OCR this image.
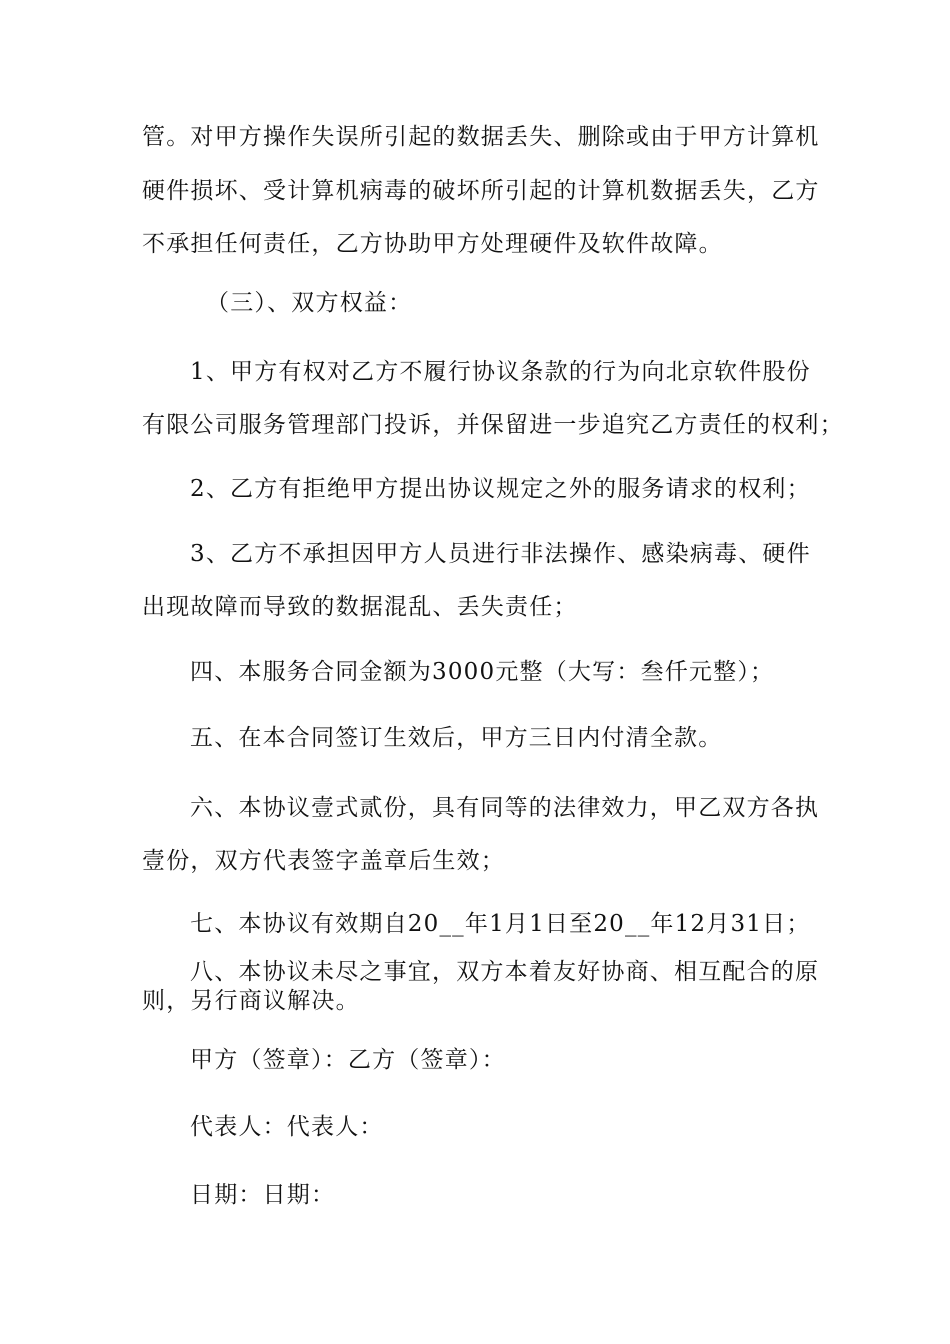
管。对甲方操作失误所引起的数据丢失、删除或由于甲方计算机

硬件损坏、受计算机病毒的破坏所引起的计算机数据丢失，乙方

不承担任何责任，乙方协助甲方处理硬件及软件故障。

（三）、双方权益：

1、甲方有权对乙方不履行协议条款的行为向北京软件股份

有限公司服务管理部门投诉，并保留进一步追究乙方责任的权利；

2、乙方有拒绝甲方提出协议规定之外的服务请求的权利；

3、乙方不承担因甲方人员进行非法操作、感染病毒、硬件

出现故障而导致的数据混乱、丢失责任；

四、本服务合同金额为3000元整（大写：叁仟元整）；

五、在本合同签订生效后，甲方三日内付清全款。

六、本协议壹式贰份，具有同等的法律效力，甲乙双方各执

壹份，双方代表签字盖章后生效；

七、本协议有效期自20__年1月1日至20__年12月31日；

八、本协议未尽之事宜，双方本着友好协商、相互配合的原

则，另行商议解决。

甲方（签章）：乙方（签章）：

代表人：代表人：

日期：日期：
